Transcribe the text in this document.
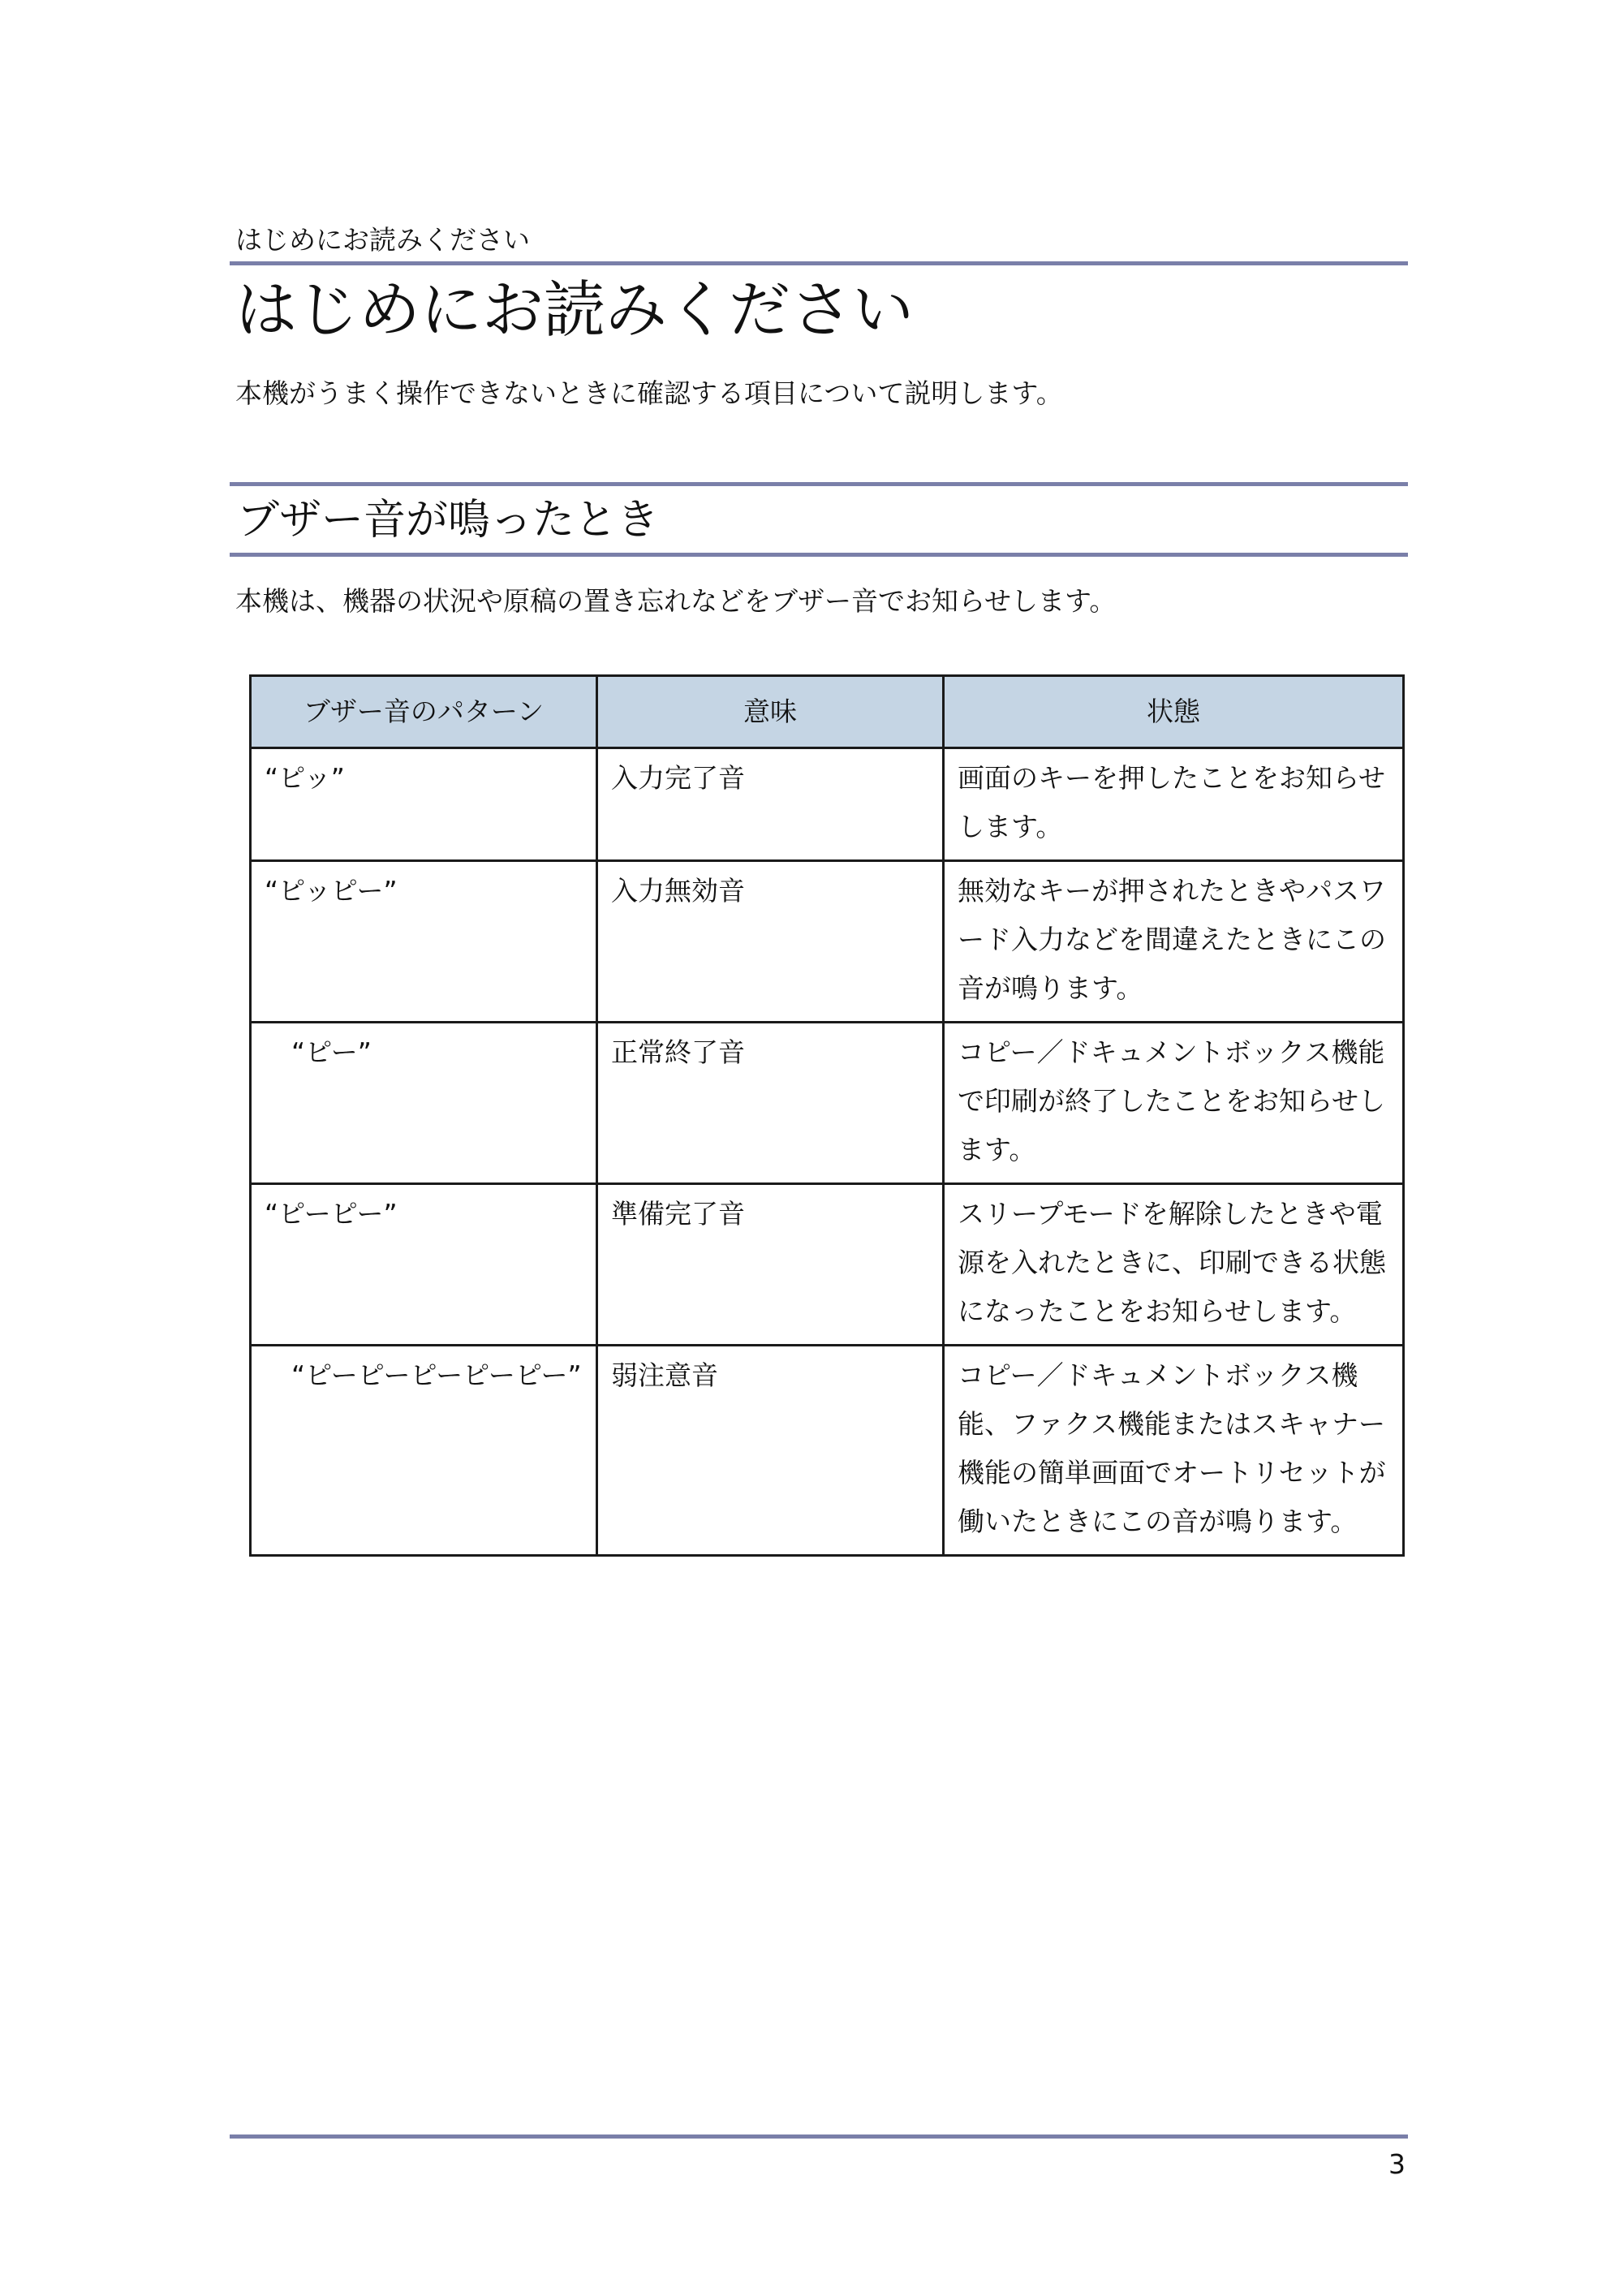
はじめにお読みください
はじめにお読みください

本機がうまく操作できないときに確認する項目について説明します。

ブザー音が鳴ったとき

本機は、機器の状況や原稿の置き忘れなどをブザー音でお知らせします。

ブザー音のパターン	意味	状態
“ピッ”	入力完了音	画面のキーを押したことをお知らせします。
“ピッピー”	入力無効音	無効なキーが押されたときやパスワード入力などを間違えたときにこの音が鳴ります。
　“ピー”	正常終了音	コピー／ドキュメントボックス機能で印刷が終了したことをお知らせします。
“ピーピー”	準備完了音	スリープモードを解除したときや電源を入れたときに、印刷できる状態になったことをお知らせします。
　“ピーピーピーピーピー”	弱注意音	コピー／ドキュメントボックス機能、ファクス機能またはスキャナー機能の簡単画面でオートリセットが働いたときにこの音が鳴ります。
3
